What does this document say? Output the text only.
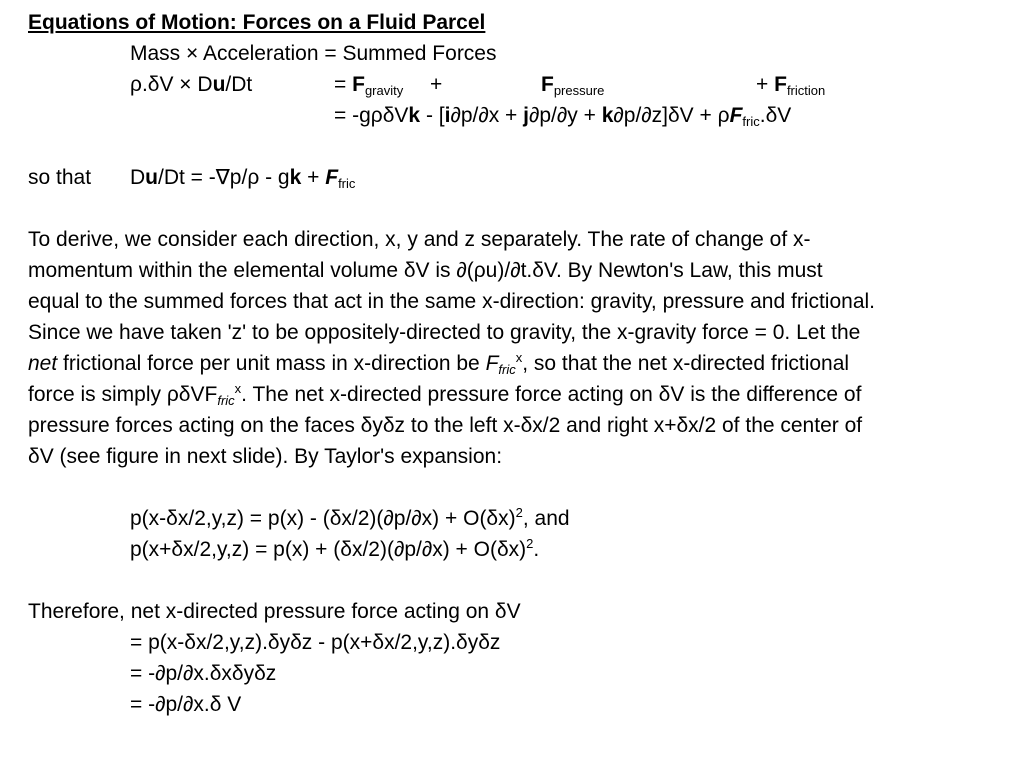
Equations of Motion: Forces on a Fluid Parcel
Mass × Acceleration = Summed Forces
ρ.δV × Du/Dt	= $F_{gravity}$ +	$F_{pressure}$	+ $F_{friction}$
= $-g\rho\delta Vk - [i\partial p/\partial x + j\partial p/\partial y + k\partial p/\partial z]\delta V + \rho F_{fric}.\delta V$
so that Du/Dt = -∇p/ρ - gk + $F_{fric}$
To derive, we consider each direction, x, y and z separately. The rate of change of x-
momentum within the elemental volume δV is ∂(ρu)/∂t.δV. By Newton's Law, this must
equal to the summed forces that act in the same x-direction: gravity, pressure and frictional.
Since we have taken 'z' to be oppositely-directed to gravity, the x-gravity force = 0. Let the
net frictional force per unit mass in x-direction be $F_{fric}^x$, so that the net x-directed frictional
force is simply ρδVF$_{fric}^x$. The net x-directed pressure force acting on δV is the difference of
pressure forces acting on the faces δyδz to the left x-δx/2 and right x+δx/2 of the center of
δV (see figure in next slide). By Taylor's expansion:
$p(x-\delta x/2,y,z) = p(x) - (\delta x/2)(\partial p/\partial x) + O(\delta x)^2$, and
$p(x+\delta x/2,y,z) = p(x) + (\delta x/2)(\partial p/\partial x) + O(\delta x)^2$.
Therefore, net x-directed pressure force acting on δV
= p(x-δx/2,y,z).δyδz - p(x+δx/2,y,z).δyδz
= -∂p/∂x.δxδyδz
= -∂p/∂x.δ V
